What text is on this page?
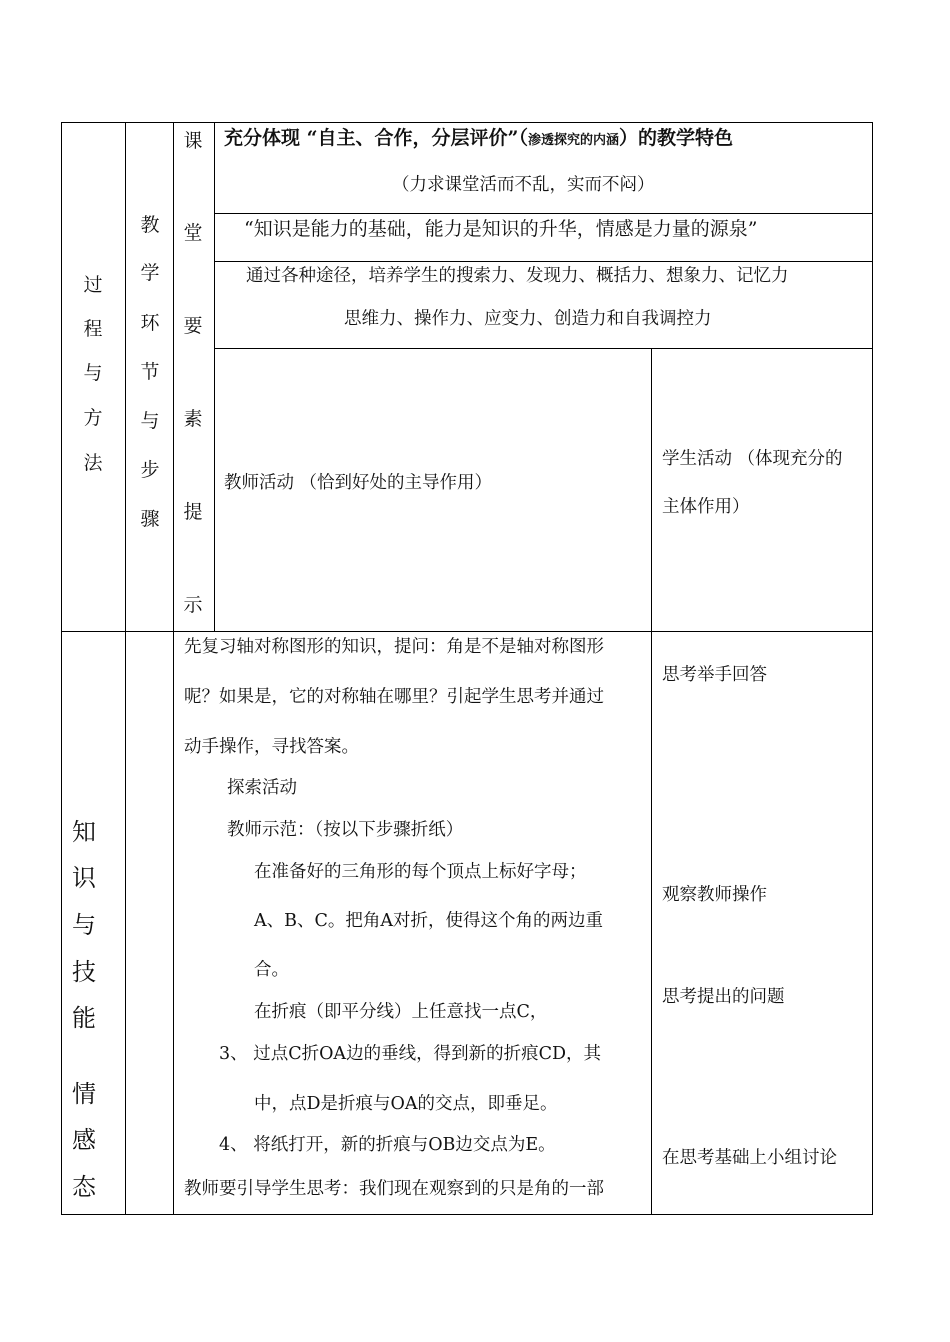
过
程
与
方
法
教
学
环
节
与
步
骤
课
堂
要
素
提
示
充分体现 “自主、合作，分层评价”（渗透探究的内涵）的教学特色
（力求课堂活而不乱，实而不闷）
“知识是能力的基础，能力是知识的升华，情感是力量的源泉”
通过各种途径，培养学生的搜索力、发现力、概括力、想象力、记忆力
思维力、操作力、应变力、创造力和自我调控力
教师活动 （恰到好处的主导作用）
学生活动 （体现充分的
主体作用）
知
识
与
技
能
情
感
态
先复习轴对称图形的知识，提问：角是不是轴对称图形
呢？如果是，它的对称轴在哪里？引起学生思考并通过
动手操作，寻找答案。
探索活动
教师示范：（按以下步骤折纸）
在准备好的三角形的每个顶点上标好字母；
A、B、C。把角A对折，使得这个角的两边重
合。
在折痕（即平分线）上任意找一点C，
3、 过点C折OA边的垂线，得到新的折痕CD，其
中，点D是折痕与OA的交点，即垂足。
4、 将纸打开，新的折痕与OB边交点为E。
教师要引导学生思考：我们现在观察到的只是角的一部
思考举手回答
观察教师操作
思考提出的问题
在思考基础上小组讨论
